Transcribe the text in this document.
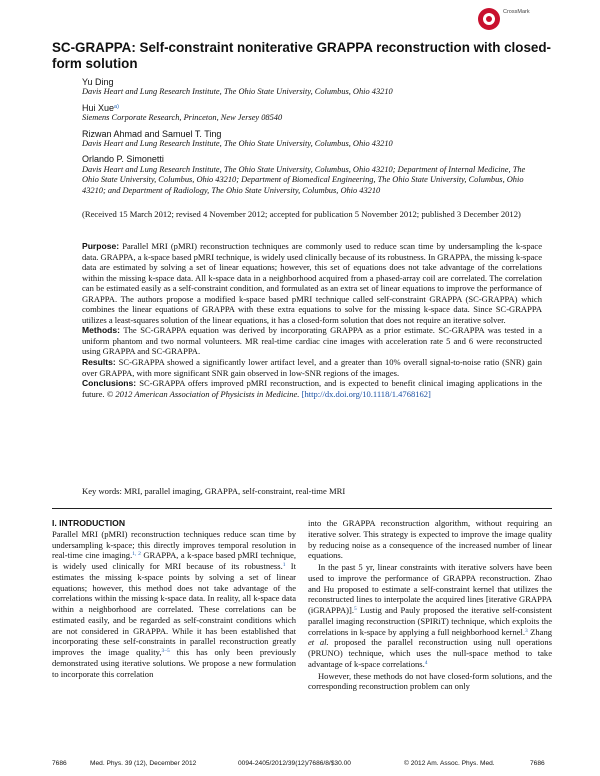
CrossMark
SC-GRAPPA: Self-constraint noniterative GRAPPA reconstruction with closed-form solution
Yu Ding
Davis Heart and Lung Research Institute, The Ohio State University, Columbus, Ohio 43210
Hui Xue$^{a)}$
Siemens Corporate Research, Princeton, New Jersey 08540
Rizwan Ahmad and Samuel T. Ting
Davis Heart and Lung Research Institute, The Ohio State University, Columbus, Ohio 43210
Orlando P. Simonetti
Davis Heart and Lung Research Institute, The Ohio State University, Columbus, Ohio 43210; Department of Internal Medicine, The Ohio State University, Columbus, Ohio 43210; Department of Biomedical Engineering, The Ohio State University, Columbus, Ohio 43210; and Department of Radiology, The Ohio State University, Columbus, Ohio 43210
(Received 15 March 2012; revised 4 November 2012; accepted for publication 5 November 2012; published 3 December 2012)

Purpose: Parallel MRI (pMRI) reconstruction techniques are commonly used to reduce scan time by undersampling the k-space data. GRAPPA, a k-space based pMRI technique, is widely used clinically because of its robustness. In GRAPPA, the missing k-space data are estimated by solving a set of linear equations; however, this set of equations does not take advantage of the correlations within the missing k-space data. All k-space data in a neighborhood acquired from a phased-array coil are correlated. The correlation can be estimated easily as a self-constraint condition, and formulated as an extra set of linear equations to improve the performance of GRAPPA. The authors propose a modified k-space based pMRI technique called self-constraint GRAPPA (SC-GRAPPA) which combines the linear equations of GRAPPA with these extra equations to solve for the missing k-space data. Since SC-GRAPPA utilizes a least-squares solution of the linear equations, it has a closed-form solution that does not require an iterative solver.

Methods: The SC-GRAPPA equation was derived by incorporating GRAPPA as a prior estimate. SC-GRAPPA was tested in a uniform phantom and two normal volunteers. MR real-time cardiac cine images with acceleration rate 5 and 6 were reconstructed using GRAPPA and SC-GRAPPA.

Results: SC-GRAPPA showed a significantly lower artifact level, and a greater than 10% overall signal-to-noise ratio (SNR) gain over GRAPPA, with more significant SNR gain observed in low-SNR regions of the images.

Conclusions: SC-GRAPPA offers improved pMRI reconstruction, and is expected to benefit clinical imaging applications in the future. © 2012 American Association of Physicists in Medicine. [http://dx.doi.org/10.1118/1.4768162]

Key words: MRI, parallel imaging, GRAPPA, self-constraint, real-time MRI

I. INTRODUCTION

Parallel MRI (pMRI) reconstruction techniques reduce scan time by undersampling k-space; this directly improves temporal resolution in real-time cine imaging.$^{1, 2}$ GRAPPA, a k-space based pMRI technique, is widely used clinically for MRI because of its robustness.$^1$ It estimates the missing k-space points by solving a set of linear equations; however, this method does not take advantage of the correlations within the missing k-space data. In reality, all k-space data within a neighborhood are correlated. These correlations can be estimated easily, and be regarded as self-constraint conditions which are not considered in GRAPPA. While it has been established that incorporating these self-constraints in parallel reconstruction greatly improves the image quality,$^{3-5}$ this has only been previously demonstrated using iterative solutions. We propose a new formulation to incorporate this correlation

into the GRAPPA reconstruction algorithm, without requiring an iterative solver. This strategy is expected to improve the image quality by reducing noise as a consequence of the increased number of linear equations.

In the past 5 yr, linear constraints with iterative solvers have been used to improve the performance of GRAPPA reconstruction. Zhao and Hu proposed to estimate a self-constraint kernel that utilizes the reconstructed lines to interpolate the acquired lines [iterative GRAPPA (iGRAPPA)].$^5$ Lustig and Pauly proposed the iterative self-consistent parallel imaging reconstruction (SPIRiT) technique, which exploits the correlations in k-space by applying a full neighborhood kernel.$^3$ Zhang et al. proposed the parallel reconstruction using null operations (PRUNO) technique, which uses the null-space method to take advantage of k-space correlations.$^4$

However, these methods do not have closed-form solutions, and the corresponding reconstruction problem can only

7686	Med. Phys. 39 (12), December 2012	0094-2405/2012/39(12)/7686/8/$30.00	© 2012 Am. Assoc. Phys. Med.	7686
